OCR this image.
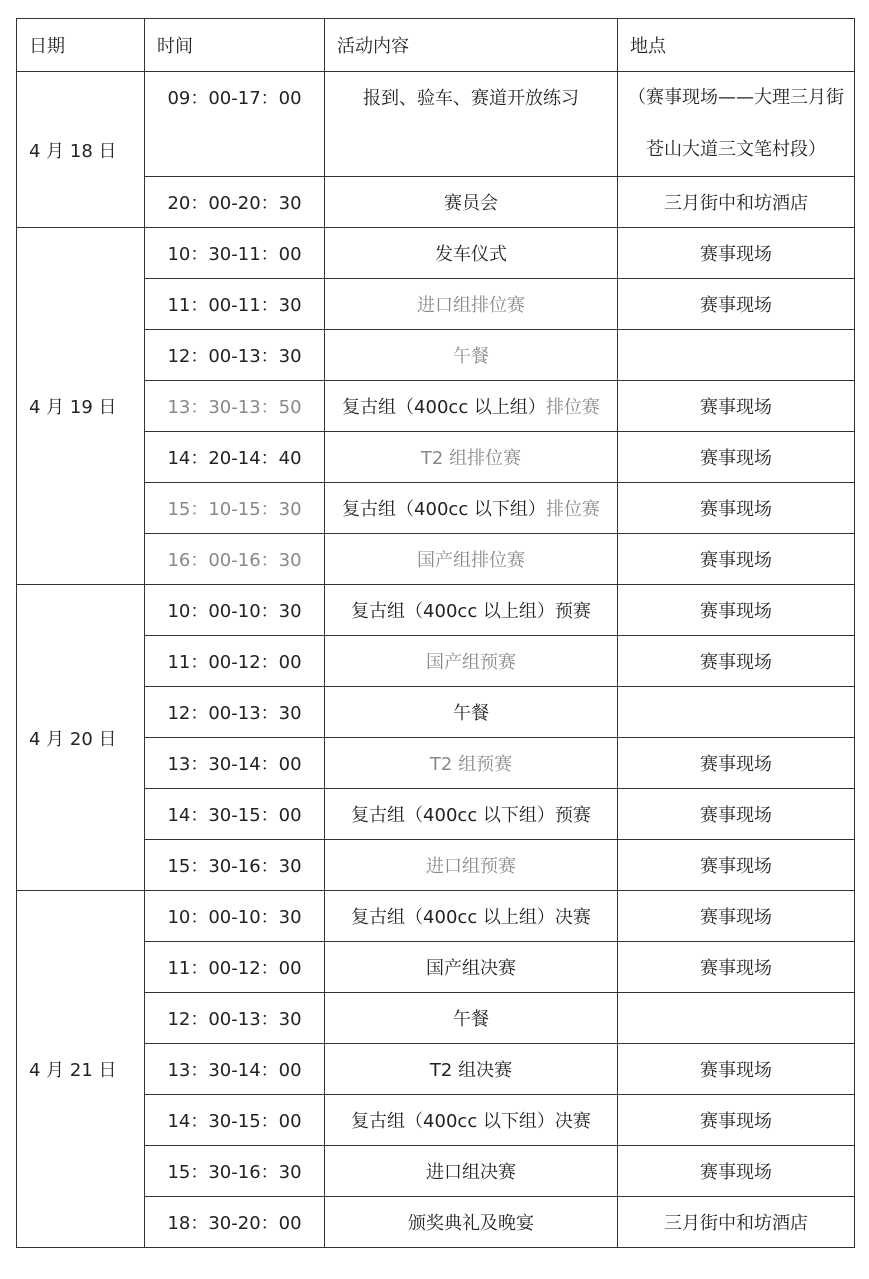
日期	时间	活动内容	地点
4 月 18 日	09：00-17：00	报到、验车、赛道开放练习	（赛事现场——大理三月街苍山大道三文笔村段）
	20：00-20：30	赛员会	三月街中和坊酒店
4 月 19 日	10：30-11：00	发车仪式	赛事现场
	11：00-11：30	进口组排位赛	赛事现场
	12：00-13：30	午餐	
	13：30-13：50	复古组（400cc 以上组）排位赛	赛事现场
	14：20-14：40	T2 组排位赛	赛事现场
	15：10-15：30	复古组（400cc 以下组）排位赛	赛事现场
	16：00-16：30	国产组排位赛	赛事现场
4 月 20 日	10：00-10：30	复古组（400cc 以上组）预赛	赛事现场
	11：00-12：00	国产组预赛	赛事现场
	12：00-13：30	午餐	
	13：30-14：00	T2 组预赛	赛事现场
	14：30-15：00	复古组（400cc 以下组）预赛	赛事现场
	15：30-16：30	进口组预赛	赛事现场
4 月 21 日	10：00-10：30	复古组（400cc 以上组）决赛	赛事现场
	11：00-12：00	国产组决赛	赛事现场
	12：00-13：30	午餐	
	13：30-14：00	T2 组决赛	赛事现场
	14：30-15：00	复古组（400cc 以下组）决赛	赛事现场
	15：30-16：30	进口组决赛	赛事现场
	18：30-20：00	颁奖典礼及晚宴	三月街中和坊酒店
